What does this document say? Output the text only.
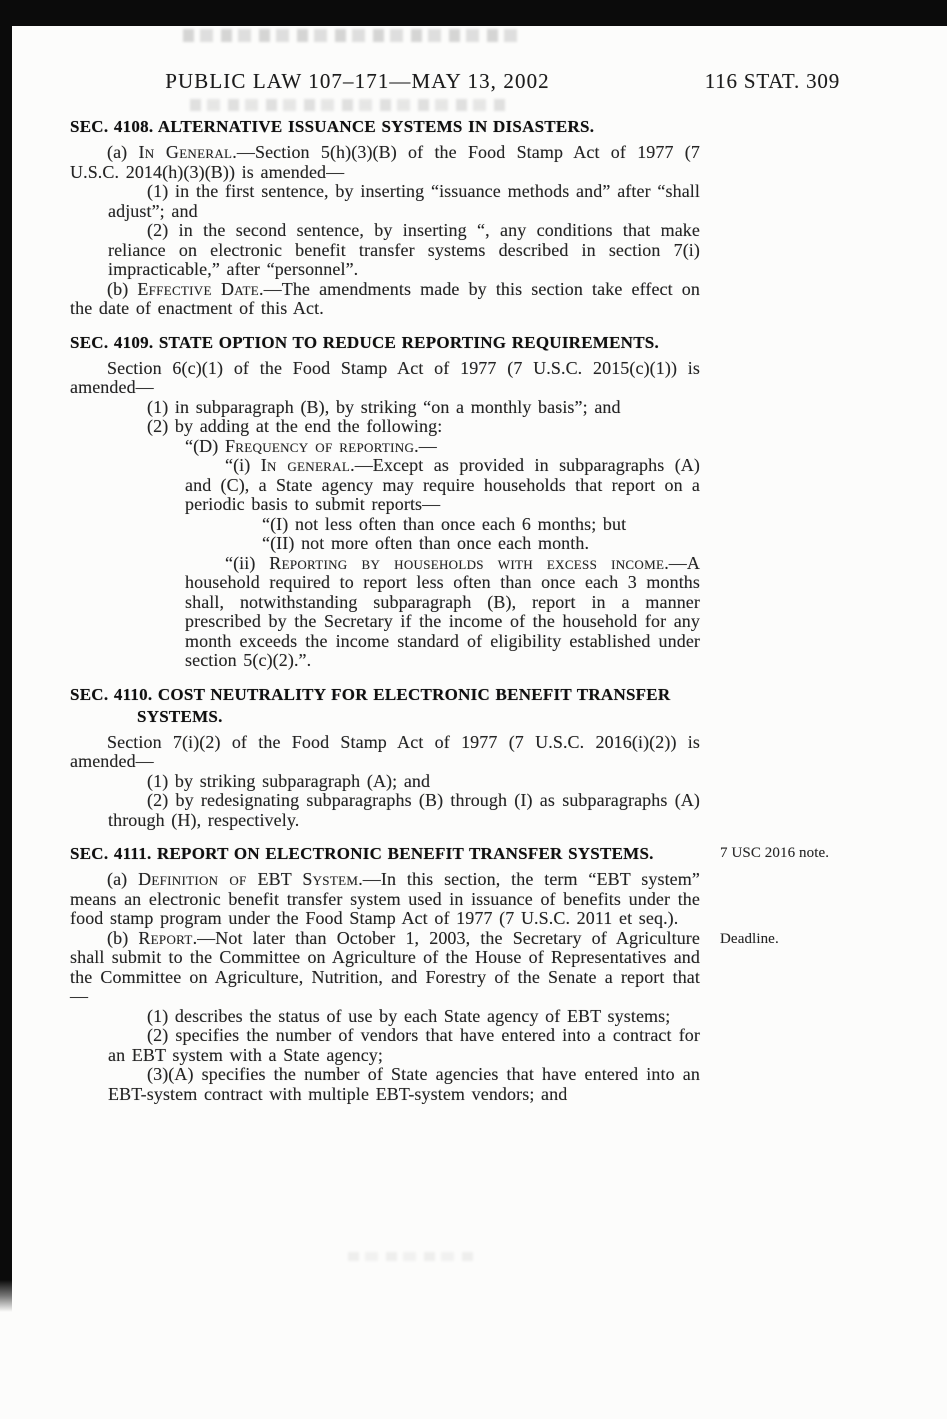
PUBLIC LAW 107–171—MAY 13, 2002	116 STAT. 309
SEC. 4108. ALTERNATIVE ISSUANCE SYSTEMS IN DISASTERS.

(a) In General.—Section 5(h)(3)(B) of the Food Stamp Act of 1977 (7 U.S.C. 2014(h)(3)(B)) is amended—

(1) in the first sentence, by inserting “issuance methods and” after “shall adjust”; and

(2) in the second sentence, by inserting “, any conditions that make reliance on electronic benefit transfer systems described in section 7(i) impracticable,” after “personnel”.

(b) Effective Date.—The amendments made by this section take effect on the date of enactment of this Act.

SEC. 4109. STATE OPTION TO REDUCE REPORTING REQUIREMENTS.

Section 6(c)(1) of the Food Stamp Act of 1977 (7 U.S.C. 2015(c)(1)) is amended—

(1) in subparagraph (B), by striking “on a monthly basis”; and

(2) by adding at the end the following:

“(D) Frequency of reporting.—

“(i) In general.—Except as provided in subparagraphs (A) and (C), a State agency may require households that report on a periodic basis to submit reports—

“(I) not less often than once each 6 months; but

“(II) not more often than once each month.

“(ii) Reporting by households with excess income.—A household required to report less often than once each 3 months shall, notwithstanding subparagraph (B), report in a manner prescribed by the Secretary if the income of the household for any month exceeds the income standard of eligibility established under section 5(c)(2).”.

SEC. 4110. COST NEUTRALITY FOR ELECTRONIC BENEFIT TRANSFER
SYSTEMS.

Section 7(i)(2) of the Food Stamp Act of 1977 (7 U.S.C. 2016(i)(2)) is amended—

(1) by striking subparagraph (A); and

(2) by redesignating subparagraphs (B) through (I) as subparagraphs (A) through (H), respectively.

SEC. 4111. REPORT ON ELECTRONIC BENEFIT TRANSFER SYSTEMS.	7 USC 2016 note.

(a) Definition of EBT System.—In this section, the term “EBT system” means an electronic benefit transfer system used in issuance of benefits under the food stamp program under the Food Stamp Act of 1977 (7 U.S.C. 2011 et seq.).

(b) Report.—Not later than October 1, 2003, the Secretary of Agriculture shall submit to the Committee on Agriculture of the House of Representatives and the Committee on Agriculture, Nutrition, and Forestry of the Senate a report that—
Deadline.

(1) describes the status of use by each State agency of EBT systems;

(2) specifies the number of vendors that have entered into a contract for an EBT system with a State agency;

(3)(A) specifies the number of State agencies that have entered into an EBT-system contract with multiple EBT-system vendors; and
